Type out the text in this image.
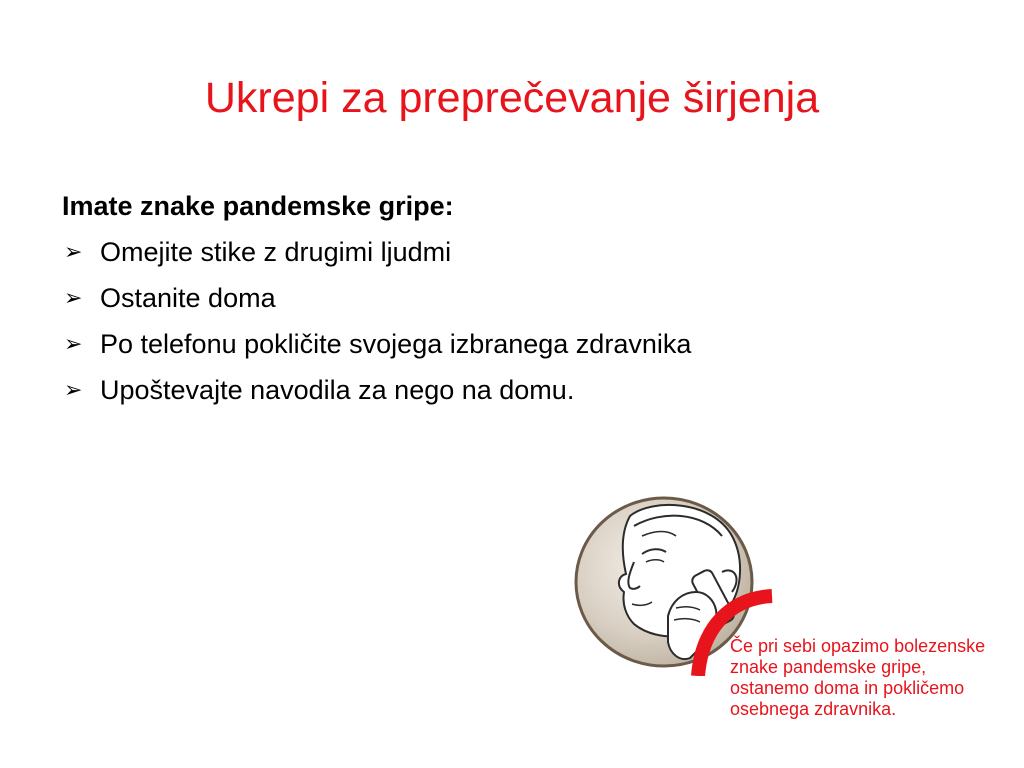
Ukrepi za preprečevanje širjenja
Imate znake pandemske gripe:
➢ Omejite stike z drugimi ljudmi
➢ Ostanite doma
➢ Po telefonu pokličite svojega izbranega zdravnika
➢ Upoštevajte navodila za nego na domu.
Če pri sebi opazimo bolezenske
znake pandemske gripe,
ostanemo doma in pokličemo
osebnega zdravnika.
